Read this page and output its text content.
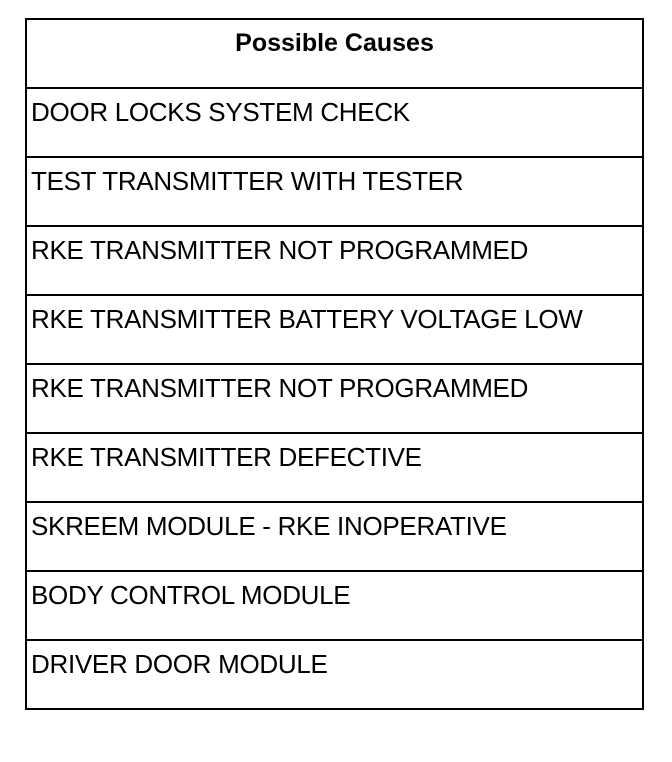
Possible Causes

DOOR LOCKS SYSTEM CHECK

TEST TRANSMITTER WITH TESTER

RKE TRANSMITTER NOT PROGRAMMED

RKE TRANSMITTER BATTERY VOLTAGE LOW

RKE TRANSMITTER NOT PROGRAMMED

RKE TRANSMITTER DEFECTIVE

SKREEM MODULE - RKE INOPERATIVE

BODY CONTROL MODULE

DRIVER DOOR MODULE
